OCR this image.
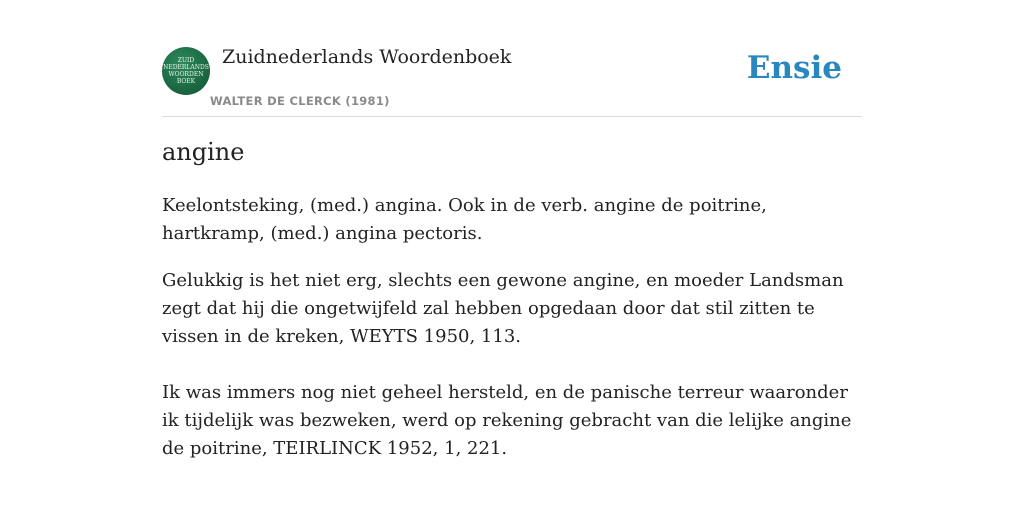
ZUID
NEDERLANDS
WOORDEN
BOEK
Zuidnederlands Woordenboek
WALTER DE CLERCK (1981)
Ensie
angine

Keelontsteking, (med.) angina. Ook in de verb. angine de poitrine, hartkramp, (med.) angina pectoris.

Gelukkig is het niet erg, slechts een gewone angine, en moeder Landsman zegt dat hij die ongetwijfeld zal hebben opgedaan door dat stil zitten te vissen in de kreken, WEYTS 1950, 113.

Ik was immers nog niet geheel hersteld, en de panische terreur waaronder ik tijdelijk was bezweken, werd op rekening gebracht van die lelijke angine de poitrine, TEIRLINCK 1952, 1, 221.
